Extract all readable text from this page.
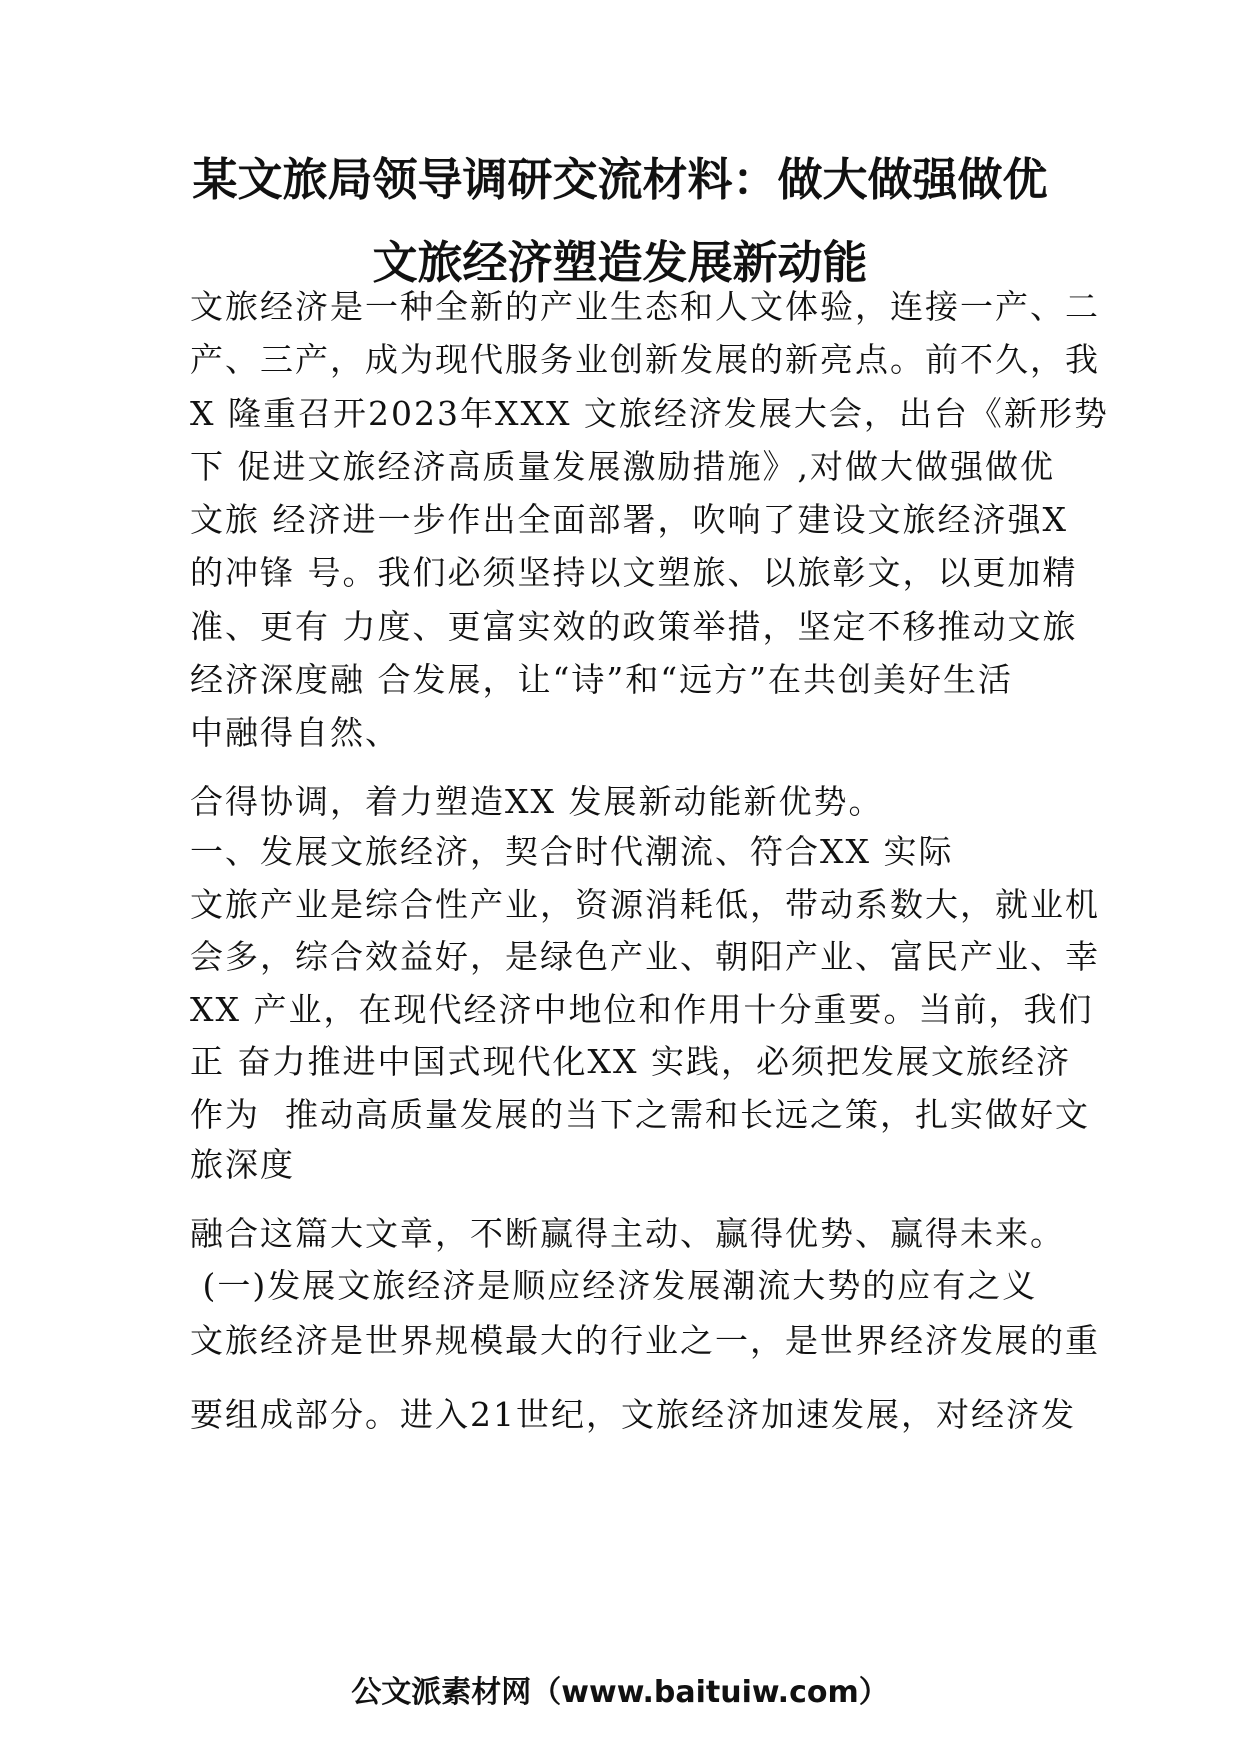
某文旅局领导调研交流材料：做大做强做优
文旅经济塑造发展新动能
文旅经济是一种全新的产业生态和人文体验，连接一产、二
产、三产，成为现代服务业创新发展的新亮点。前不久，我
X 隆重召开2023年XXX 文旅经济发展大会，出台《新形势
下 促进文旅经济高质量发展激励措施》,对做大做强做优
文旅 经济进一步作出全面部署，吹响了建设文旅经济强X
的冲锋 号。我们必须坚持以文塑旅、以旅彰文，以更加精
准、更有 力度、更富实效的政策举措，坚定不移推动文旅
经济深度融 合发展，让“诗”和“远方”在共创美好生活
中融得自然、
合得协调，着力塑造XX 发展新动能新优势。
一、发展文旅经济，契合时代潮流、符合XX 实际
文旅产业是综合性产业，资源消耗低，带动系数大，就业机
会多，综合效益好，是绿色产业、朝阳产业、富民产业、幸
XX 产业，在现代经济中地位和作用十分重要。当前，我们
正 奋力推进中国式现代化XX 实践，必须把发展文旅经济
作为  推动高质量发展的当下之需和长远之策，扎实做好文
旅深度
融合这篇大文章，不断赢得主动、赢得优势、赢得未来。
(一)发展文旅经济是顺应经济发展潮流大势的应有之义
文旅经济是世界规模最大的行业之一，是世界经济发展的重
要组成部分。进入21世纪，文旅经济加速发展，对经济发
公文派素材网（www.baituiw.com）
